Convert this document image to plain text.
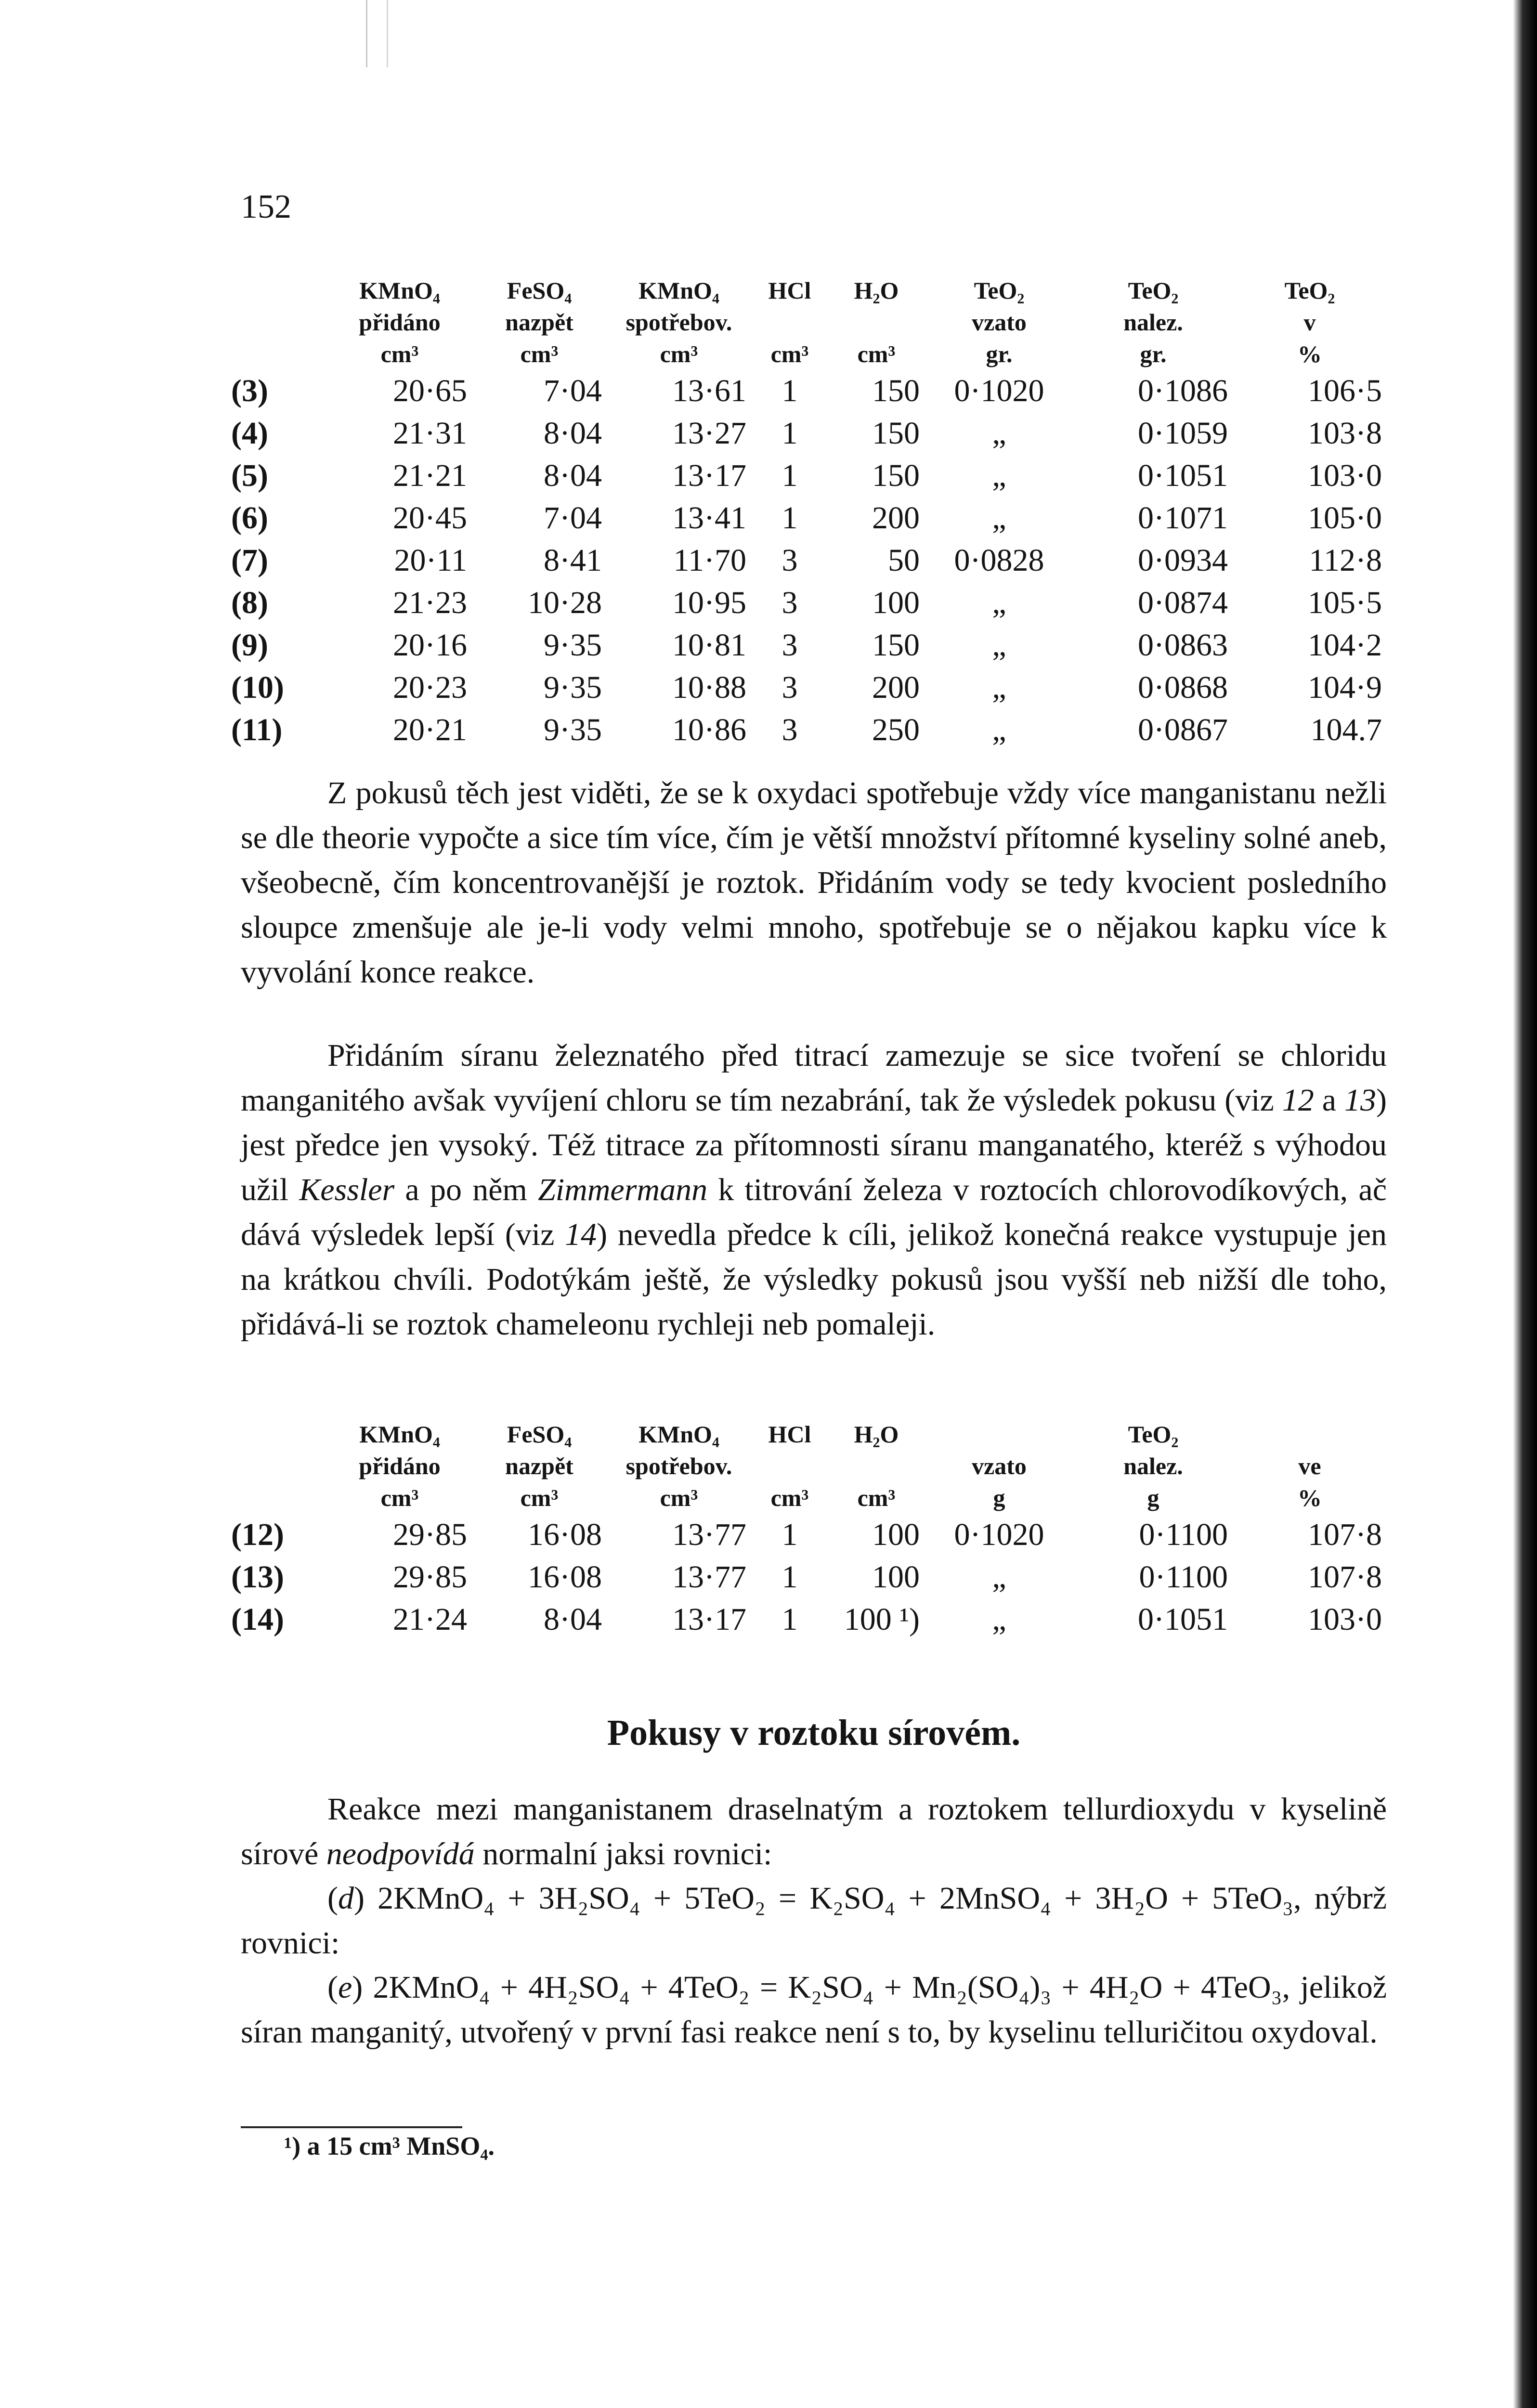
152
	KMnO₄	FeSO₄	KMnO₄	HCl	H₂O	TeO₂	TeO₂	TeO₂
	přidáno	nazpět	spotřebov.			vzato	nalez.	v
	cm³	cm³	cm³	cm³	cm³	gr.	gr.	%
(3)	20·65	7·04	13·61	1	150	0·1020	0·1086	106·5
(4)	21·31	8·04	13·27	1	150	„	0·1059	103·8
(5)	21·21	8·04	13·17	1	150	„	0·1051	103·0
(6)	20·45	7·04	13·41	1	200	„	0·1071	105·0
(7)	20·11	8·41	11·70	3	50	0·0828	0·0934	112·8
(8)	21·23	10·28	10·95	3	100	„	0·0874	105·5
(9)	20·16	9·35	10·81	3	150	„	0·0863	104·2
(10)	20·23	9·35	10·88	3	200	„	0·0868	104·9
(11)	20·21	9·35	10·86	3	250	„	0·0867	104.7

Z pokusů těch jest viděti, že se k oxydaci spotřebuje vždy více manganistanu nežli se dle theorie vypočte a sice tím více, čím je větší množství přítomné kyseliny solné aneb, všeobecně, čím koncentrovanější je roztok. Přidáním vody se tedy kvocient posledního sloupce zmenšuje ale je-li vody velmi mnoho, spotřebuje se o nějakou kapku více k vyvolání konce reakce.

Přidáním síranu železnatého před titrací zamezuje se sice tvoření se chloridu manganitého avšak vyvíjení chloru se tím nezabrání, tak že výsledek pokusu (viz 12 a 13) jest předce jen vysoký. Též titrace za přítomnosti síranu manganatého, kteréž s výhodou užil Kessler a po něm Zimmermann k titrování železa v roztocích chlorovodíkových, ač dává výsledek lepší (viz 14) nevedla předce k cíli, jelikož konečná reakce vystupuje jen na krátkou chvíli. Podotýkám ještě, že výsledky pokusů jsou vyšší neb nižší dle toho, přidává-li se roztok chameleonu rychleji neb pomaleji.

	KMnO₄	FeSO₄	KMnO₄	HCl	H₂O		TeO₂	
	přidáno	nazpět	spotřebov.			vzato	nalez.	ve
	cm³	cm³	cm³	cm³	cm³	g	g	%
(12)	29·85	16·08	13·77	1	100	0·1020	0·1100	107·8
(13)	29·85	16·08	13·77	1	100	„	0·1100	107·8
(14)	21·24	8·04	13·17	1	100 ¹)	„	0·1051	103·0
Pokusy v roztoku sírovém.

Reakce mezi manganistanem draselnatým a roztokem tellurdioxydu v kyselině sírové neodpovídá normalní jaksi rovnici:

(d) 2KMnO₄ + 3H₂SO₄ + 5TeO₂ = K₂SO₄ + 2MnSO₄ + 3H₂O + 5TeO₃, nýbrž rovnici:

(e) 2KMnO₄ + 4H₂SO₄ + 4TeO₂ = K₂SO₄ + Mn₂(SO₄)₃ + 4H₂O + 4TeO₃, jelikož síran manganitý, utvořený v první fasi reakce není s to, by kyselinu telluričitou oxydoval.

¹) a 15 cm³ MnSO₄.
